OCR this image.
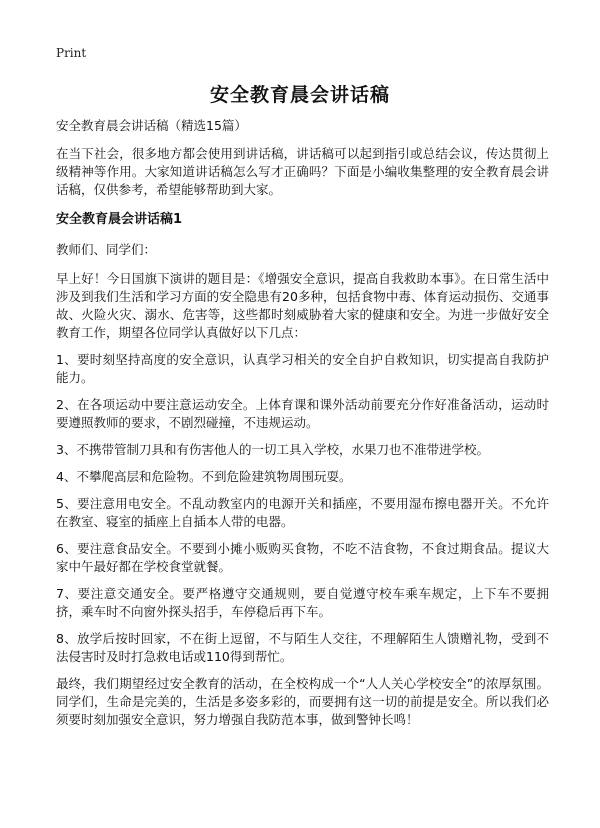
Print
安全教育晨会讲话稿

安全教育晨会讲话稿（精选15篇）

在当下社会，很多地方都会使用到讲话稿，讲话稿可以起到指引或总结会议，传达贯彻上级精神等作用。大家知道讲话稿怎么写才正确吗？下面是小编收集整理的安全教育晨会讲话稿，仅供参考，希望能够帮助到大家。

安全教育晨会讲话稿1

教师们、同学们：

早上好！今日国旗下演讲的题目是：《增强安全意识，提高自我救助本事》。在日常生活中涉及到我们生活和学习方面的安全隐患有20多种，包括食物中毒、体育运动损伤、交通事故、火险火灾、溺水、危害等，这些都时刻威胁着大家的健康和安全。为进一步做好安全教育工作，期望各位同学认真做好以下几点：

1、要时刻坚持高度的安全意识，认真学习相关的安全自护自救知识，切实提高自我防护能力。

2、在各项运动中要注意运动安全。上体育课和课外活动前要充分作好准备活动，运动时要遵照教师的要求，不剧烈碰撞，不违规运动。

3、不携带管制刀具和有伤害他人的一切工具入学校，水果刀也不准带进学校。

4、不攀爬高层和危险物。不到危险建筑物周围玩耍。

5、要注意用电安全。不乱动教室内的电源开关和插座，不要用湿布擦电器开关。不允许在教室、寝室的插座上自插本人带的电器。

6、要注意食品安全。不要到小摊小贩购买食物，不吃不洁食物，不食过期食品。提议大家中午最好都在学校食堂就餐。

7、要注意交通安全。要严格遵守交通规则，要自觉遵守校车乘车规定，上下车不要拥挤，乘车时不向窗外探头招手，车停稳后再下车。

8、放学后按时回家，不在街上逗留，不与陌生人交往，不理解陌生人馈赠礼物，受到不法侵害时及时打急救电话或110得到帮忙。

最终，我们期望经过安全教育的活动，在全校构成一个“人人关心学校安全”的浓厚氛围。同学们，生命是完美的，生活是多姿多彩的，而要拥有这一切的前提是安全。所以我们必须要时刻加强安全意识，努力增强自我防范本事，做到警钟长鸣！
